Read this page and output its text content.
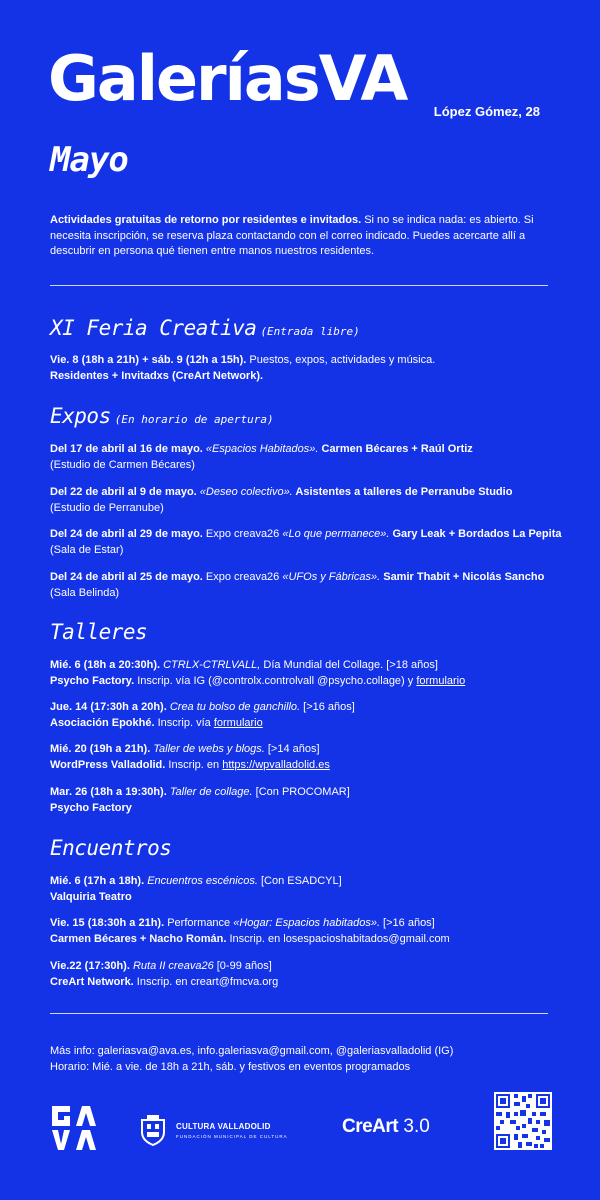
GaleríasVA López Gómez, 28
Mayo

Actividades gratuitas de retorno por residentes e invitados. Si no se indica nada: es abierto. Si necesita inscripción, se reserva plaza contactando con el correo indicado. Puedes acercarte allí a descubrir en persona qué tienen entre manos nuestros residentes.

XI Feria Creativa (Entrada libre)
Vie. 8 (18h a 21h) + sáb. 9 (12h a 15h). Puestos, expos, actividades y música.
Residentes + Invitadxs (CreArt Network).
Expos (En horario de apertura)
Del 17 de abril al 16 de mayo. «Espacios Habitados». Carmen Bécares + Raúl Ortiz
(Estudio de Carmen Bécares)
Del 22 de abril al 9 de mayo. «Deseo colectivo». Asistentes a talleres de Perranube Studio
(Estudio de Perranube)
Del 24 de abril al 29 de mayo. Expo creava26 «Lo que permanece». Gary Leak + Bordados La Pepita
(Sala de Estar)
Del 24 de abril al 25 de mayo. Expo creava26 «UFOs y Fábricas». Samir Thabit + Nicolás Sancho
(Sala Belinda)
Talleres
Mié. 6 (18h a 20:30h). CTRLX-CTRLVALL, Día Mundial del Collage. [>18 años]
Psycho Factory. Inscrip. vía IG (@controlx.controlvall @psycho.collage) y formulario
Jue. 14 (17:30h a 20h). Crea tu bolso de ganchillo. [>16 años]
Asociación Epokhé. Inscrip. vía formulario
Mié. 20 (19h a 21h). Taller de webs y blogs. [>14 años]
WordPress Valladolid. Inscrip. en https://wpvalladolid.es
Mar. 26 (18h a 19:30h). Taller de collage. [Con PROCOMAR]
Psycho Factory
Encuentros
Mié. 6 (17h a 18h). Encuentros escénicos. [Con ESADCYL]
Valquiria Teatro
Vie. 15 (18:30h a 21h). Performance «Hogar: Espacios habitados». [>16 años]
Carmen Bécares + Nacho Román. Inscrip. en losespacioshabitados@gmail.com
Vie.22 (17:30h). Ruta II creava26 [0-99 años]
CreArt Network. Inscrip. en creart@fmcva.org
Más info: galeriasva@ava.es, info.galeriasva@gmail.com, @galeriasvalladolid (IG)
Horario: Mié. a vie. de 18h a 21h, sáb. y festivos en eventos programados
CULTURA VALLADOLID
FUNDACIÓN MUNICIPAL DE CULTURA	CreArt 3.0
